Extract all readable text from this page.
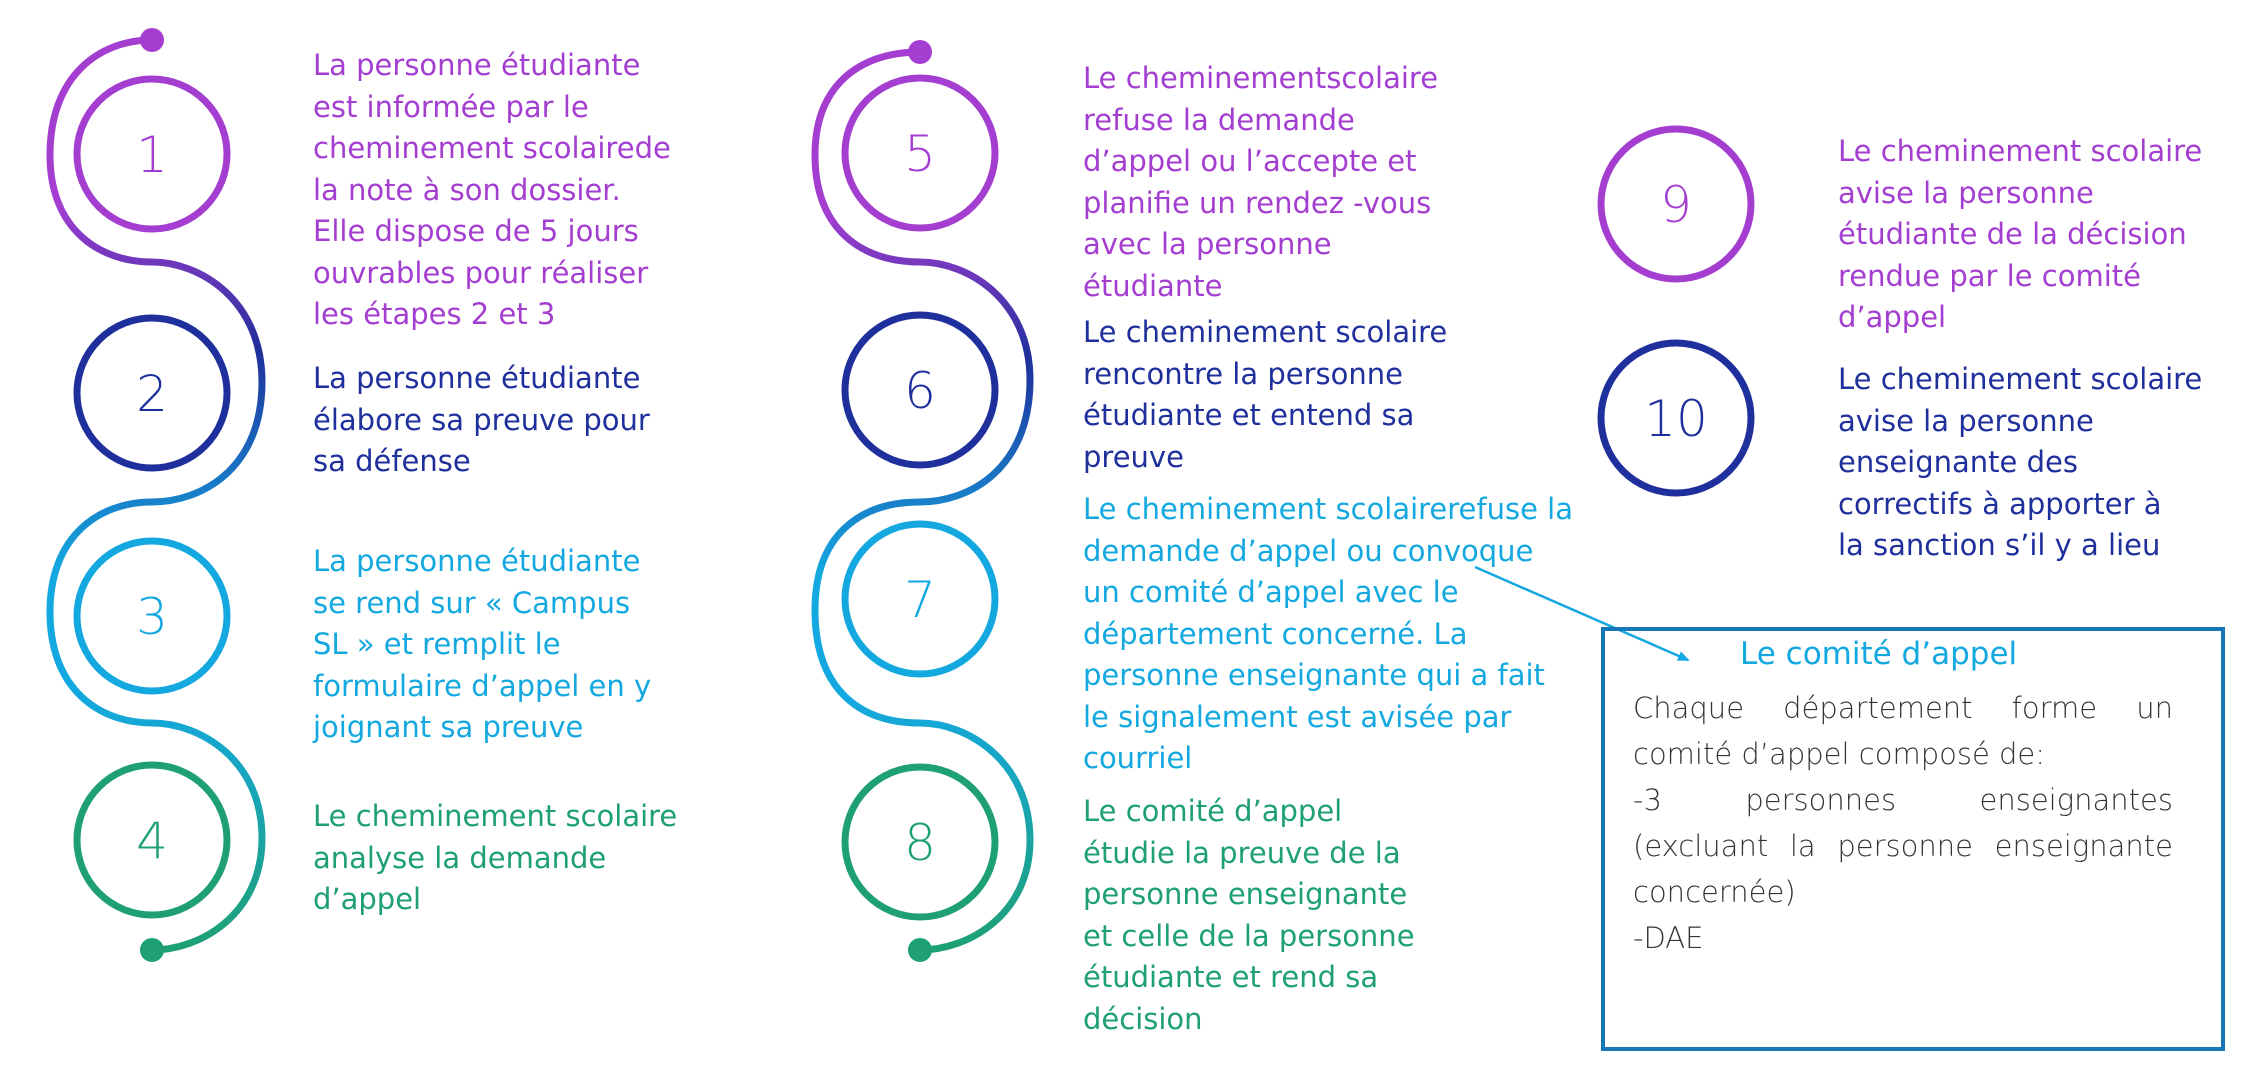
1
2
3
4
5
6
7
8
9
10

La personne étudiante
est informée par le
cheminement scolairede
la note à son dossier.
Elle dispose de 5 jours
ouvrables pour réaliser
les étapes 2 et 3

La personne étudiante
élabore sa preuve pour
sa défense

La personne étudiante
se rend sur « Campus
SL » et remplit le
formulaire d’appel en y
joignant sa preuve

Le cheminement scolaire
analyse la demande
d’appel

Le cheminementscolaire
refuse la demande
d’appel ou l’accepte et
planifie un rendez -vous
avec la personne
étudiante

Le cheminement scolaire
rencontre la personne
étudiante et entend sa
preuve

Le cheminement scolairerefuse la
demande d’appel ou convoque
un comité d’appel avec le
département concerné. La
personne enseignante qui a fait
le signalement est avisée par
courriel

Le comité d’appel
étudie la preuve de la
personne enseignante
et celle de la personne
étudiante et rend sa
décision

Le cheminement scolaire
avise la personne
étudiante de la décision
rendue par le comité
d’appel

Le cheminement scolaire
avise la personne
enseignante des
correctifs à apporter à
la sanction s’il y a lieu

Le comité d’appel

Chaque département forme un

comité d’appel composé de:

-3 personnes enseignantes

(excluant la personne enseignante

concernée)

-DAE
